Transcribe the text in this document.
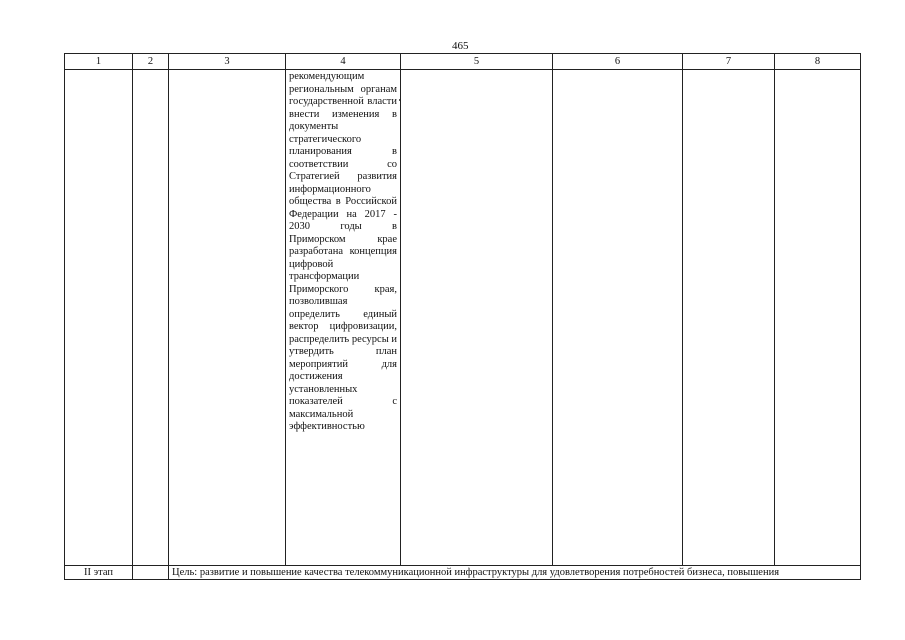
465
1	2	3	4	5	6	7	8
			рекомендующим региональным органам государственной власти внести изменения в документы стратегического планирования в соответствии со Стратегией развития информационного общества в Российской Федерации на 2017 - 2030 годы в Приморском крае разработана концепция цифровой трансформации Приморского края, позволившая определить единый вектор цифровизации, распределить ресурсы и утвердить план мероприятий для достижения установленных показателей с максимальной эффективностью				
II этап		Цель: развитие и повышение качества телекоммуникационной инфраструктуры для удовлетворения потребностей бизнеса, повышения					
